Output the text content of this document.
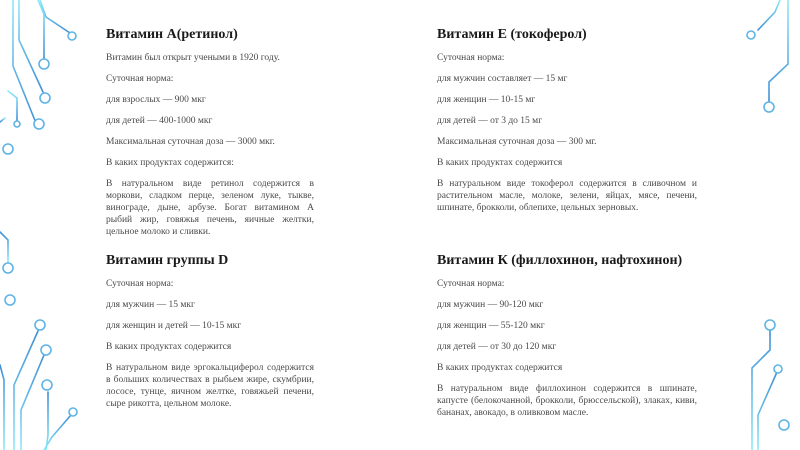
Витамин А(ретинол)

Витамин был открыт учеными в 1920 году.

Суточная норма:

для взрослых — 900 мкг

для детей — 400-1000 мкг

Максимальная суточная доза — 3000 мкг.

В каких продуктах содержится:

В натуральном виде ретинол содержится в моркови, сладком перце, зеленом луке, тыкве, винограде, дыне, арбузе. Богат витамином А рыбий жир, говяжья печень, яичные желтки, цельное молоко и сливки.

Витамин группы D

Суточная норма:

для мужчин — 15 мкг

для женщин и детей — 10-15 мкг

В каких продуктах содержится

В натуральном виде эргокальциферол содержится в больших количествах в рыбьем жире, скумбрии, лососе, тунце, яичном желтке, говяжьей печени, сыре рикотта, цельном молоке.

Витамин Е (токоферол)

Суточная норма:

для мужчин составляет — 15 мг

для женщин — 10-15 мг

для детей — от 3 до 15 мг

Максимальная суточная доза — 300 мг.

В каких продуктах содержится

В натуральном виде токоферол содержится в сливочном и растительном масле, молоке, зелени, яйцах, мясе, печени, шпинате, брокколи, облепихе, цельных зерновых.

Витамин К (филлохинон, нафтохинон)

Суточная норма:

для мужчин — 90-120 мкг

для женщин — 55-120 мкг

для детей — от 30 до 120 мкг

В каких продуктах содержится

В натуральном виде филлохинон содержится в шпинате, капусте (белокочанной, брокколи, брюссельской), злаках, киви, бананах, авокадо, в оливковом масле.
